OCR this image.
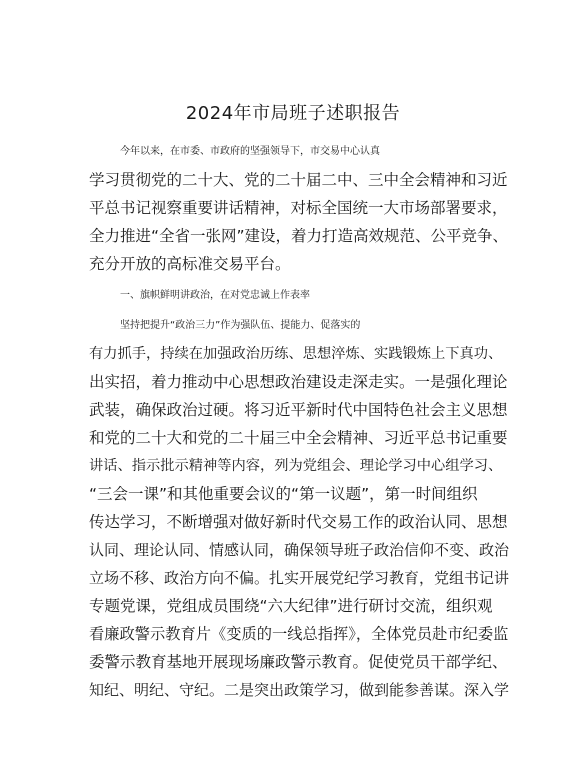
2024年市局班子述职报告
今年以来，在市委、市政府的坚强领导下，市交易中心认真
学习贯彻党的二十大、党的二十届二中、三中全会精神和习近
平总书记视察重要讲话精神，对标全国统一大市场部署要求，
全力推进“全省一张网”建设，着力打造高效规范、公平竞争、
充分开放的高标准交易平台。
一、旗帜鲜明讲政治，在对党忠诚上作表率
坚持把提升“政治三力”作为强队伍、提能力、促落实的
有力抓手，持续在加强政治历练、思想淬炼、实践锻炼上下真功、
出实招，着力推动中心思想政治建设走深走实。一是强化理论
武装，确保政治过硬。将习近平新时代中国特色社会主义思想
和党的二十大和党的二十届三中全会精神、习近平总书记重要
讲话、指示批示精神等内容，列为党组会、理论学习中心组学习、
“三会一课”和其他重要会议的“第一议题”，第一时间组织
传达学习，不断增强对做好新时代交易工作的政治认同、思想
认同、理论认同、情感认同，确保领导班子政治信仰不变、政治
立场不移、政治方向不偏。扎实开展党纪学习教育，党组书记讲
专题党课，党组成员围绕“六大纪律”进行研讨交流，组织观
看廉政警示教育片《变质的一线总指挥》，全体党员赴市纪委监
委警示教育基地开展现场廉政警示教育。促使党员干部学纪、
知纪、明纪、守纪。二是突出政策学习，做到能参善谋。深入学
